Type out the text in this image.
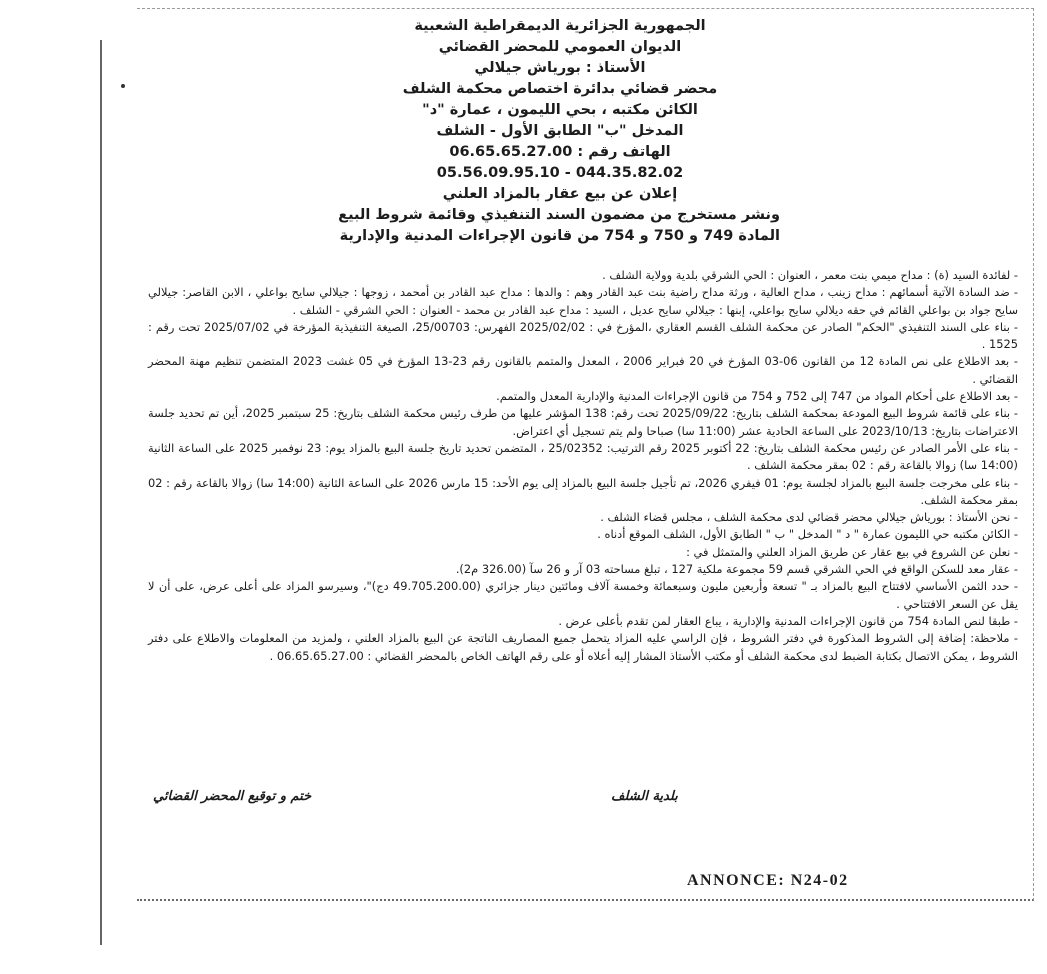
الجمهورية الجزائرية الديمقراطية الشعبية
الديوان العمومي للمحضر القضائي
الأستاذ : بورياش جيلالي
محضر قضائي بدائرة اختصاص محكمة الشلف
الكائن مكتبه ، بحي الليمون ، عمارة "د"
المدخل "ب" الطابق الأول - الشلف
الهاتف رقم : 06.65.65.27.00
044.35.82.02 - 05.56.09.95.10
إعلان عن بيع عقار بالمزاد العلني
ونشر مستخرج من مضمون السند التنفيذي وقائمة شروط البيع
المادة 749 و 750 و 754 من قانون الإجراءات المدنية والإدارية

- لفائدة السيد (ة) : مداح ميمي بنت معمر ، العنوان : الحي الشرقي بلدية وولاية الشلف .

- ضد السادة الآتية أسمائهم : مداح زينب ، مداح العالية ، ورثة مداح راضية بنت عبد القادر وهم : والدها : مداح عبد القادر بن أمحمد ، زوجها : جيلالي سايح بواعلي ، الابن القاصر: جيلالي سايح جواد بن بواعلي القائم في حقه ديلالي سايح بواعلي، إبنها : جيلالي سايح عديل ، السيد : مداح عبد القادر بن محمد - العنوان : الحي الشرقي - الشلف .

- بناء على السند التنفيذي "الحكم" الصادر عن محكمة الشلف القسم العقاري ،المؤرخ في : 2025/02/02 الفهرس: 25/00703، الصيغة التنفيذية المؤرخة في 2025/07/02 تحت رقم : 1525 .

- بعد الاطلاع على نص المادة 12 من القانون 06-03 المؤرخ في 20 فبراير 2006 ، المعدل والمتمم بالقانون رقم 23-13 المؤرخ في 05 غشت 2023 المتضمن تنظيم مهنة المحضر القضائي .

- بعد الاطلاع على أحكام المواد من 747 إلى 752 و 754 من قانون الإجراءات المدنية والإدارية المعدل والمتمم.

- بناء على قائمة شروط البيع المودعة بمحكمة الشلف بتاريخ: 2025/09/22 تحت رقم: 138 المؤشر عليها من طرف رئيس محكمة الشلف بتاريخ: 25 سبتمبر 2025، أين تم تحديد جلسة الاعتراضات بتاريخ: 2023/10/13 على الساعة الحادية عشر (11:00 سا) صباحا ولم يتم تسجيل أي اعتراض.

- بناء على الأمر الصادر عن رئيس محكمة الشلف بتاريخ: 22 أكتوبر 2025 رقم الترتيب: 25/02352 ، المتضمن تحديد تاريخ جلسة البيع بالمزاد يوم: 23 نوفمبر 2025 على الساعة الثانية (14:00 سا) زوالا بالقاعة رقم : 02 بمقر محكمة الشلف .

- بناء على مخرجت جلسة البيع بالمزاد لجلسة يوم: 01 فيفري 2026، تم تأجيل جلسة البيع بالمزاد إلى يوم الأحد: 15 مارس 2026 على الساعة الثانية (14:00 سا) زوالا بالقاعة رقم : 02 بمقر محكمة الشلف.

- نحن الأستاذ : بورياش جيلالي محضر قضائي لدى محكمة الشلف ، مجلس قضاء الشلف .

- الكائن مكتبه حي الليمون عمارة " د " المدخل " ب " الطابق الأول، الشلف الموقع أدناه .

- نعلن عن الشروع في بيع عقار عن طريق المزاد العلني والمتمثل في :

- عقار معد للسكن الواقع في الحي الشرقي قسم 59 مجموعة ملكية 127 ، تبلغ مساحته 03 آر و 26 سآ (326.00 م2).

- حدد الثمن الأساسي لافتتاح البيع بالمزاد بـ " تسعة وأربعين مليون وسبعمائة وخمسة آلاف ومائتين دينار جزائري (49.705.200.00 دج)"، وسيرسو المزاد على أعلى عرض، على أن لا يقل عن السعر الافتتاحي .

- طبقا لنص المادة 754 من قانون الإجراءات المدنية والإدارية ، يباع العقار لمن تقدم بأعلى عرض .

- ملاحظة: إضافة إلى الشروط المذكورة في دفتر الشروط ، فإن الراسي عليه المزاد يتحمل جميع المصاريف الناتجة عن البيع بالمزاد العلني ، ولمزيد من المعلومات والاطلاع على دفتر الشروط ، يمكن الاتصال بكتابة الضبط لدى محكمة الشلف أو مكتب الأستاذ المشار إليه أعلاه أو على رقم الهاتف الخاص بالمحضر القضائي : 06.65.65.27.00 .

ختم و توقيع المحضر القضائي	بلدية الشلف
ANNONCE: N24-02
